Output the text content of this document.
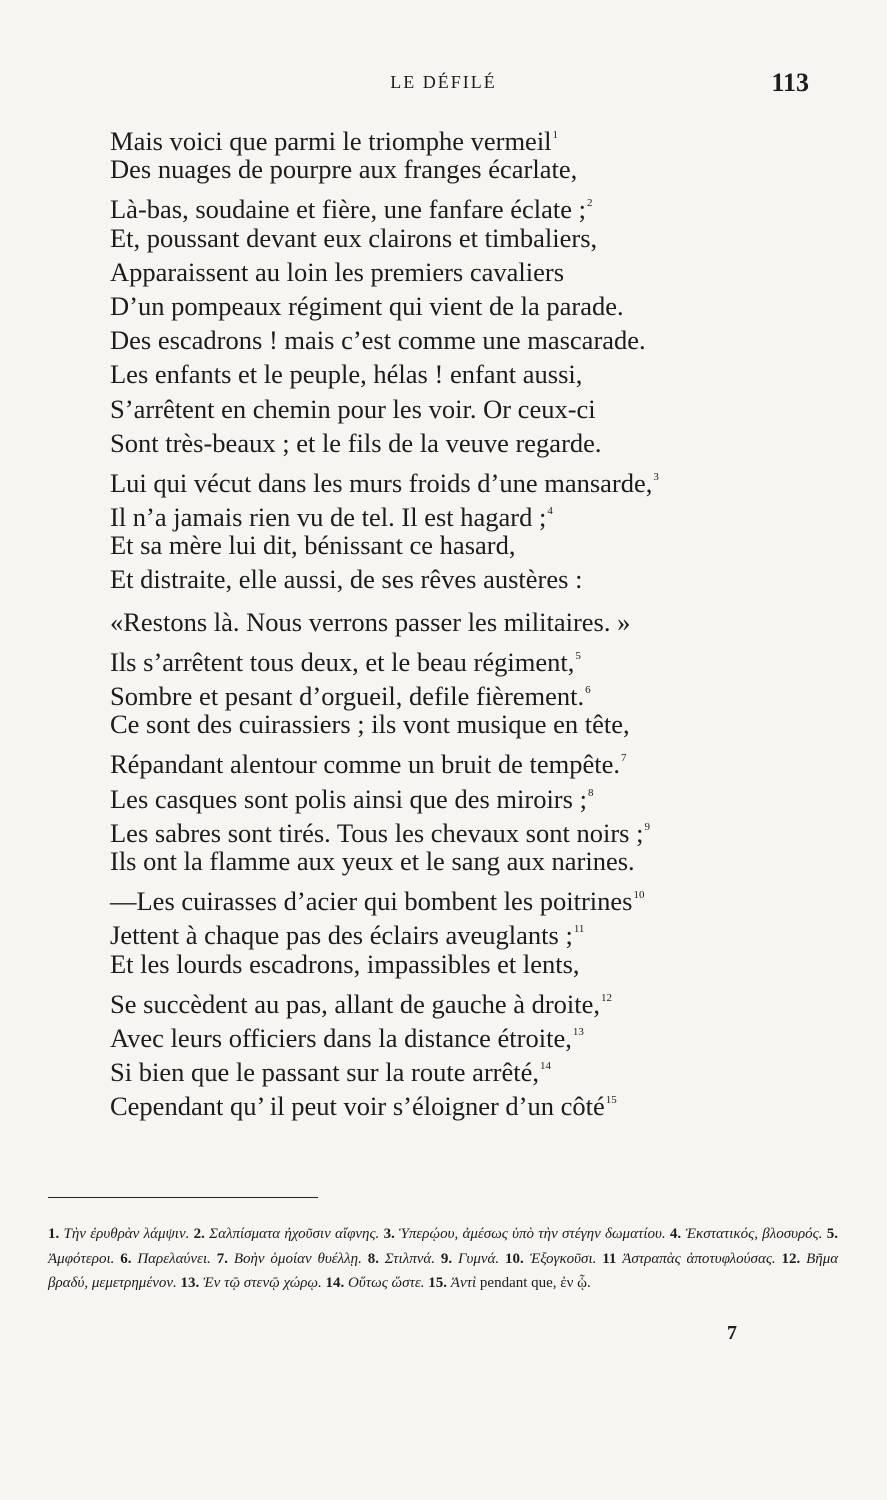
LE DÉFILÉ	113
Mais voici que parmi le triomphe vermeil$^1$
Des nuages de pourpre aux franges écarlate,
Là-bas, soudaine et fière, une fanfare éclate ;$^2$
Et, poussant devant eux clairons et timbaliers,
Apparaissent au loin les premiers cavaliers
D’un pompeaux régiment qui vient de la parade.
Des escadrons ! mais c’est comme une mascarade.
Les enfants et le peuple, hélas ! enfant aussi,
S’arrêtent en chemin pour les voir. Or ceux-ci
Sont très-beaux ; et le fils de la veuve regarde.
Lui qui vécut dans les murs froids d’une mansarde,$^3$
Il n’a jamais rien vu de tel. Il est hagard ;$^4$
Et sa mère lui dit, bénissant ce hasard,
Et distraite, elle aussi, de ses rêves austères :
«Restons là. Nous verrons passer les militaires. »
Ils s’arrêtent tous deux, et le beau régiment,$^5$
Sombre et pesant d’orgueil, defile fièrement.$^6$
Ce sont des cuirassiers ; ils vont musique en tête,
Répandant alentour comme un bruit de tempête.$^7$
Les casques sont polis ainsi que des miroirs ;$^8$
Les sabres sont tirés. Tous les chevaux sont noirs ;$^9$
Ils ont la flamme aux yeux et le sang aux narines.
—Les cuirasses d’acier qui bombent les poitrines$^{10}$
Jettent à chaque pas des éclairs aveuglants ;$^{11}$
Et les lourds escadrons, impassibles et lents,
Se succèdent au pas, allant de gauche à droite,$^{12}$
Avec leurs officiers dans la distance étroite,$^{13}$
Si bien que le passant sur la route arrêté,$^{14}$
Cependant qu’ il peut voir s’éloigner d’un côté$^{15}$
1. Τὴν ἐρυθρὰν λάμψιν. 2. Σαλπίσματα ἠχοῦσιν αἴφνης. 3. Ὑπερῴου, ἀμέσως ὑπὸ τὴν στέγην δωματίου. 4. Ἐκστατικός, βλοσυρός. 5. Ἀμφότεροι. 6. Παρελαύνει. 7. Βοὴν ὁμοίαν θυέλλῃ. 8. Στιλπνά. 9. Γυμνά. 10. Ἐξογκοῦσι. 11 Ἀστραπὰς ἀποτυφλούσας. 12. Βῆμα βραδύ, μεμετρημένον. 13. Ἐν τῷ στενῷ χώρῳ. 14. Οὕτως ὥστε. 15. Ἀντὶ pendant que, ἐν ᾧ.
7
